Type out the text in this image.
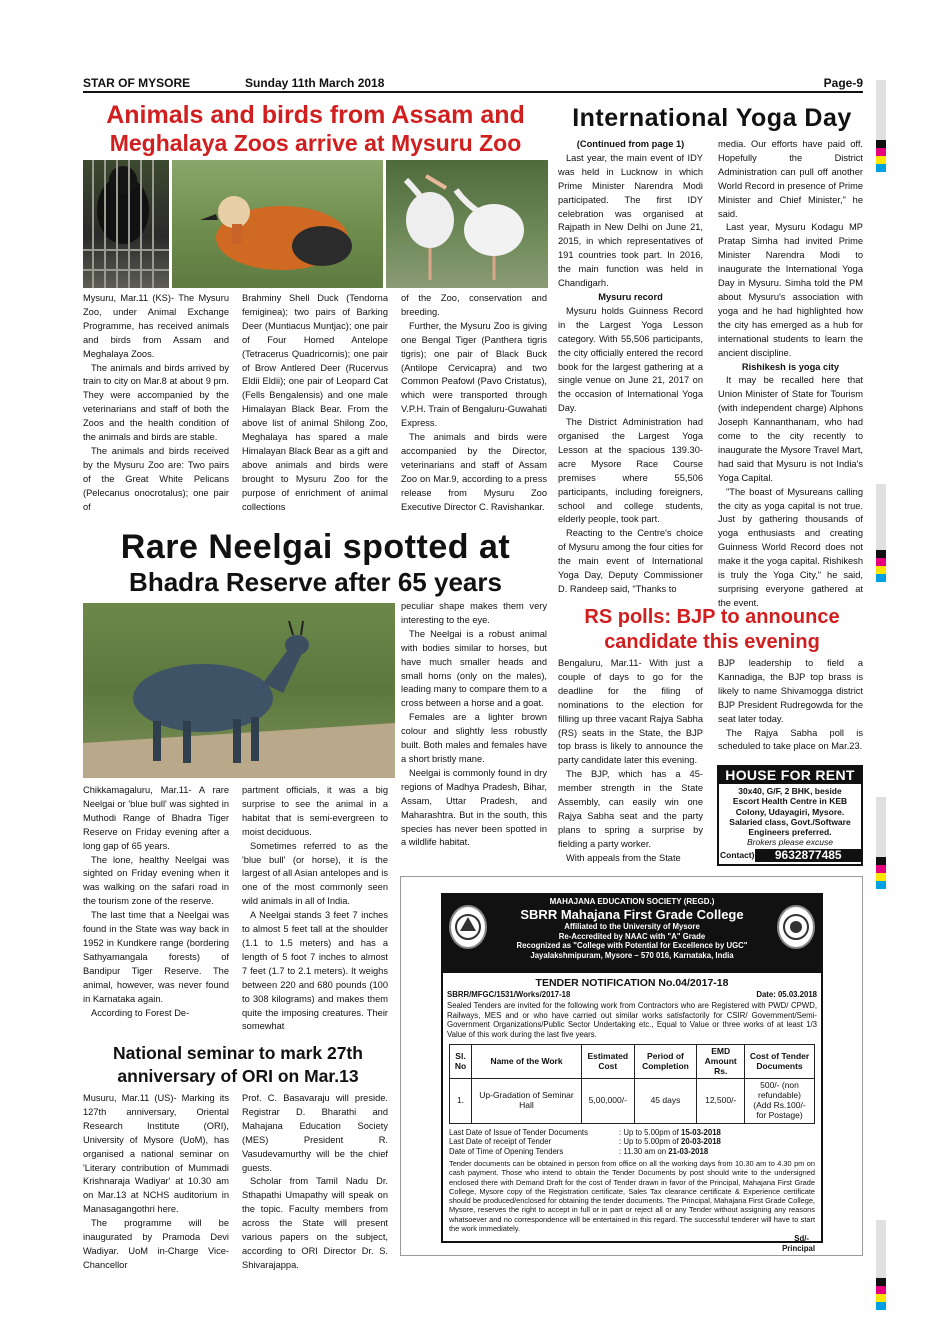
STAR OF MYSORE	Sunday 11th March 2018	Page-9
Animals and birds from Assam and
Meghalaya Zoos arrive at Mysuru Zoo

Mysuru, Mar.11 (KS)- The Mysuru Zoo, under Animal Exchange Programme, has received animals and birds from Assam and Meghalaya Zoos.

The animals and birds arrived by train to city on Mar.8 at about 9 pm. They were accompanied by the veterinarians and staff of both the Zoos and the health condition of the animals and birds are stable.

The animals and birds received by the Mysuru Zoo are: Two pairs of the Great White Pelicans (Pelecanus onocrotalus); one pair of

Brahminy Shell Duck (Tendorna femiginea); two pairs of Barking Deer (Muntiacus Muntjac); one pair of Four Horned Antelope (Tetracerus Quadricornis); one pair of Brow Antlered Deer (Rucervus Eldii Eldii); one pair of Leopard Cat (Fells Bengalensis) and one male Himalayan Black Bear. From the above list of animal Shilong Zoo, Meghalaya has spared a male Himalayan Black Bear as a gift and above animals and birds were brought to Mysuru Zoo for the purpose of enrichment of animal collections

of the Zoo, conservation and breeding.

Further, the Mysuru Zoo is giving one Bengal Tiger (Panthera tigris tigris); one pair of Black Buck (Antilope Cervicapra) and two Common Peafowl (Pavo Cristatus), which were transported through V.P.H. Train of Bengaluru-Guwahati Express.

The animals and birds were accompanied by the Director, veterinarians and staff of Assam Zoo on Mar.9, according to a press release from Mysuru Zoo Executive Director C. Ravishankar.

International Yoga Day

(Continued from page 1)

Last year, the main event of IDY was held in Lucknow in which Prime Minister Narendra Modi participated. The first IDY celebration was organised at Rajpath in New Delhi on June 21, 2015, in which representatives of 191 countries took part. In 2016, the main function was held in Chandigarh.

Mysuru record

Mysuru holds Guinness Record in the Largest Yoga Lesson category. With 55,506 participants, the city officially entered the record book for the largest gathering at a single venue on June 21, 2017 on the occasion of International Yoga Day.

The District Administration had organised the Largest Yoga Lesson at the spacious 139.30-acre Mysore Race Course premises where 55,506 participants, including foreigners, school and college students, elderly people, took part.

Reacting to the Centre's choice of Mysuru among the four cities for the main event of International Yoga Day, Deputy Commissioner D. Randeep said, "Thanks to

media. Our efforts have paid off. Hopefully the District Administration can pull off another World Record in presence of Prime Minister and Chief Minister," he said.

Last year, Mysuru Kodagu MP Pratap Simha had invited Prime Minister Narendra Modi to inaugurate the International Yoga Day in Mysuru. Simha told the PM about Mysuru's association with yoga and he had highlighted how the city has emerged as a hub for international students to learn the ancient discipline.

Rishikesh is yoga city

It may be recalled here that Union Minister of State for Tourism (with independent charge) Alphons Joseph Kannanthanam, who had come to the city recently to inaugurate the Mysore Travel Mart, had said that Mysuru is not India's Yoga Capital.

"The boast of Mysureans calling the city as yoga capital is not true. Just by gathering thousands of yoga enthusiasts and creating Guinness World Record does not make it the yoga capital. Rishikesh is truly the Yoga City," he said, surprising everyone gathered at the event.

Rare Neelgai spotted at
Bhadra Reserve after 65 years

Chikkamagaluru, Mar.11- A rare Neelgai or 'blue bull' was sighted in Muthodi Range of Bhadra Tiger Reserve on Friday evening after a long gap of 65 years.

The lone, healthy Neelgai was sighted on Friday evening when it was walking on the safari road in the tourism zone of the reserve.

The last time that a Neelgai was found in the State was way back in 1952 in Kundkere range (bordering Sathyamangala forests) of Bandipur Tiger Reserve. The animal, however, was never found in Karnataka again.

According to Forest De-

partment officials, it was a big surprise to see the animal in a habitat that is semi-evergreen to moist deciduous.

Sometimes referred to as the 'blue bull' (or horse), it is the largest of all Asian antelopes and is one of the most commonly seen wild animals in all of India.

A Neelgai stands 3 feet 7 inches to almost 5 feet tall at the shoulder (1.1 to 1.5 meters) and has a length of 5 foot 7 inches to almost 7 feet (1.7 to 2.1 meters). It weighs between 220 and 680 pounds (100 to 308 kilograms) and makes them quite the imposing creatures. Their somewhat

peculiar shape makes them very interesting to the eye.

The Neelgai is a robust animal with bodies similar to horses, but have much smaller heads and small horns (only on the males), leading many to compare them to a cross between a horse and a goat.

Females are a lighter brown colour and slightly less robustly built. Both males and females have a short bristly mane.

Neelgai is commonly found in dry regions of Madhya Pradesh, Bihar, Assam, Uttar Pradesh, and Maharashtra. But in the south, this species has never been spotted in a wildlife habitat.

RS polls: BJP to announce
candidate this evening

Bengaluru, Mar.11- With just a couple of days to go for the deadline for the filing of nominations to the election for filling up three vacant Rajya Sabha (RS) seats in the State, the BJP top brass is likely to announce the party candidate later this evening.

The BJP, which has a 45-member strength in the State Assembly, can easily win one Rajya Sabha seat and the party plans to spring a surprise by fielding a party worker.

With appeals from the State

BJP leadership to field a Kannadiga, the BJP top brass is likely to name Shivamogga district BJP President Rudregowda for the seat later today.

The Rajya Sabha poll is scheduled to take place on Mar.23.

HOUSE FOR RENT
30x40, G/F, 2 BHK, beside
Escort Health Centre in KEB
Colony, Udayagiri, Mysore.
Salaried class, Govt./Software
Engineers preferred.
Brokers please excuse
Contact)	9632877485
National seminar to mark 27th
anniversary of ORI on Mar.13

Musuru, Mar.11 (US)- Marking its 127th anniversary, Oriental Research Institute (ORI), University of Mysore (UoM), has organised a national seminar on 'Literary contribution of Mummadi Krishnaraja Wadiyar' at 10.30 am on Mar.13 at NCHS auditorium in Manasagangothri here.

The programme will be inaugurated by Pramoda Devi Wadiyar. UoM in-Charge Vice-Chancellor

Prof. C. Basavaraju will preside. Registrar D. Bharathi and Mahajana Education Society (MES) President R. Vasudevamurthy will be the chief guests.

Scholar from Tamil Nadu Dr. Sthapathi Umapathy will speak on the topic. Faculty members from across the State will present various papers on the subject, according to ORI Director Dr. S. Shivarajappa.

MAHAJANA EDUCATION SOCIETY (REGD.)
SBRR Mahajana First Grade College
Affiliated to the University of Mysore
Re-Accredited by NAAC with "A" Grade
Recognized as "College with Potential for Excellence by UGC"
Jayalakshmipuram, Mysore – 570 016, Karnataka, India
TENDER NOTIFICATION No.04/2017-18
SBRR/MFGC/1531/Works/2017-18	Date: 05.03.2018
Sealed Tenders are invited for the following work from Contractors who are Registered with PWD/ CPWD, Railways, MES and or who have carried out similar works satisfactorily for CSIR/ Government/Semi-Government Organizations/Public Sector Undertaking etc., Equal to Value or three works of at least 1/3 Value of this work during the last five years.
Sl. No	Name of the Work	Estimated Cost	Period of Completion	EMD Amount Rs.	Cost of Tender Documents
1.	Up-Gradation of Seminar Hall	5,00,000/-	45 days	12,500/-	500/- (non refundable) (Add Rs.100/- for Postage)
Last Date of Issue of Tender Documents	: Up to 5.00pm of
15-03-2018
Last Date of receipt of Tender	: Up to 5.00pm of
20-03-2018
Date of Time of Opening Tenders	: 11.30 am on
21-03-2018
Tender documents can be obtained in person from office on all the working days from 10.30 am to 4.30 pm on cash payment. Those who intend to obtain the Tender Documents by post should write to the undersigned enclosed there with Demand Draft for the cost of Tender drawn in favor of the Principal, Mahajana First Grade College, Mysore copy of the Registration certificate, Sales Tax clearance certificate & Experience certificate should be produced/enclosed for obtaining the tender documents. The Principal, Mahajana First Grade College, Mysore, reserves the right to accept in full or in part or reject all or any Tender without assigning any reasons whatsoever and no correspondence will be entertained in this regard. The successful tenderer will have to start the work immediately.
Sd/-
Principal
